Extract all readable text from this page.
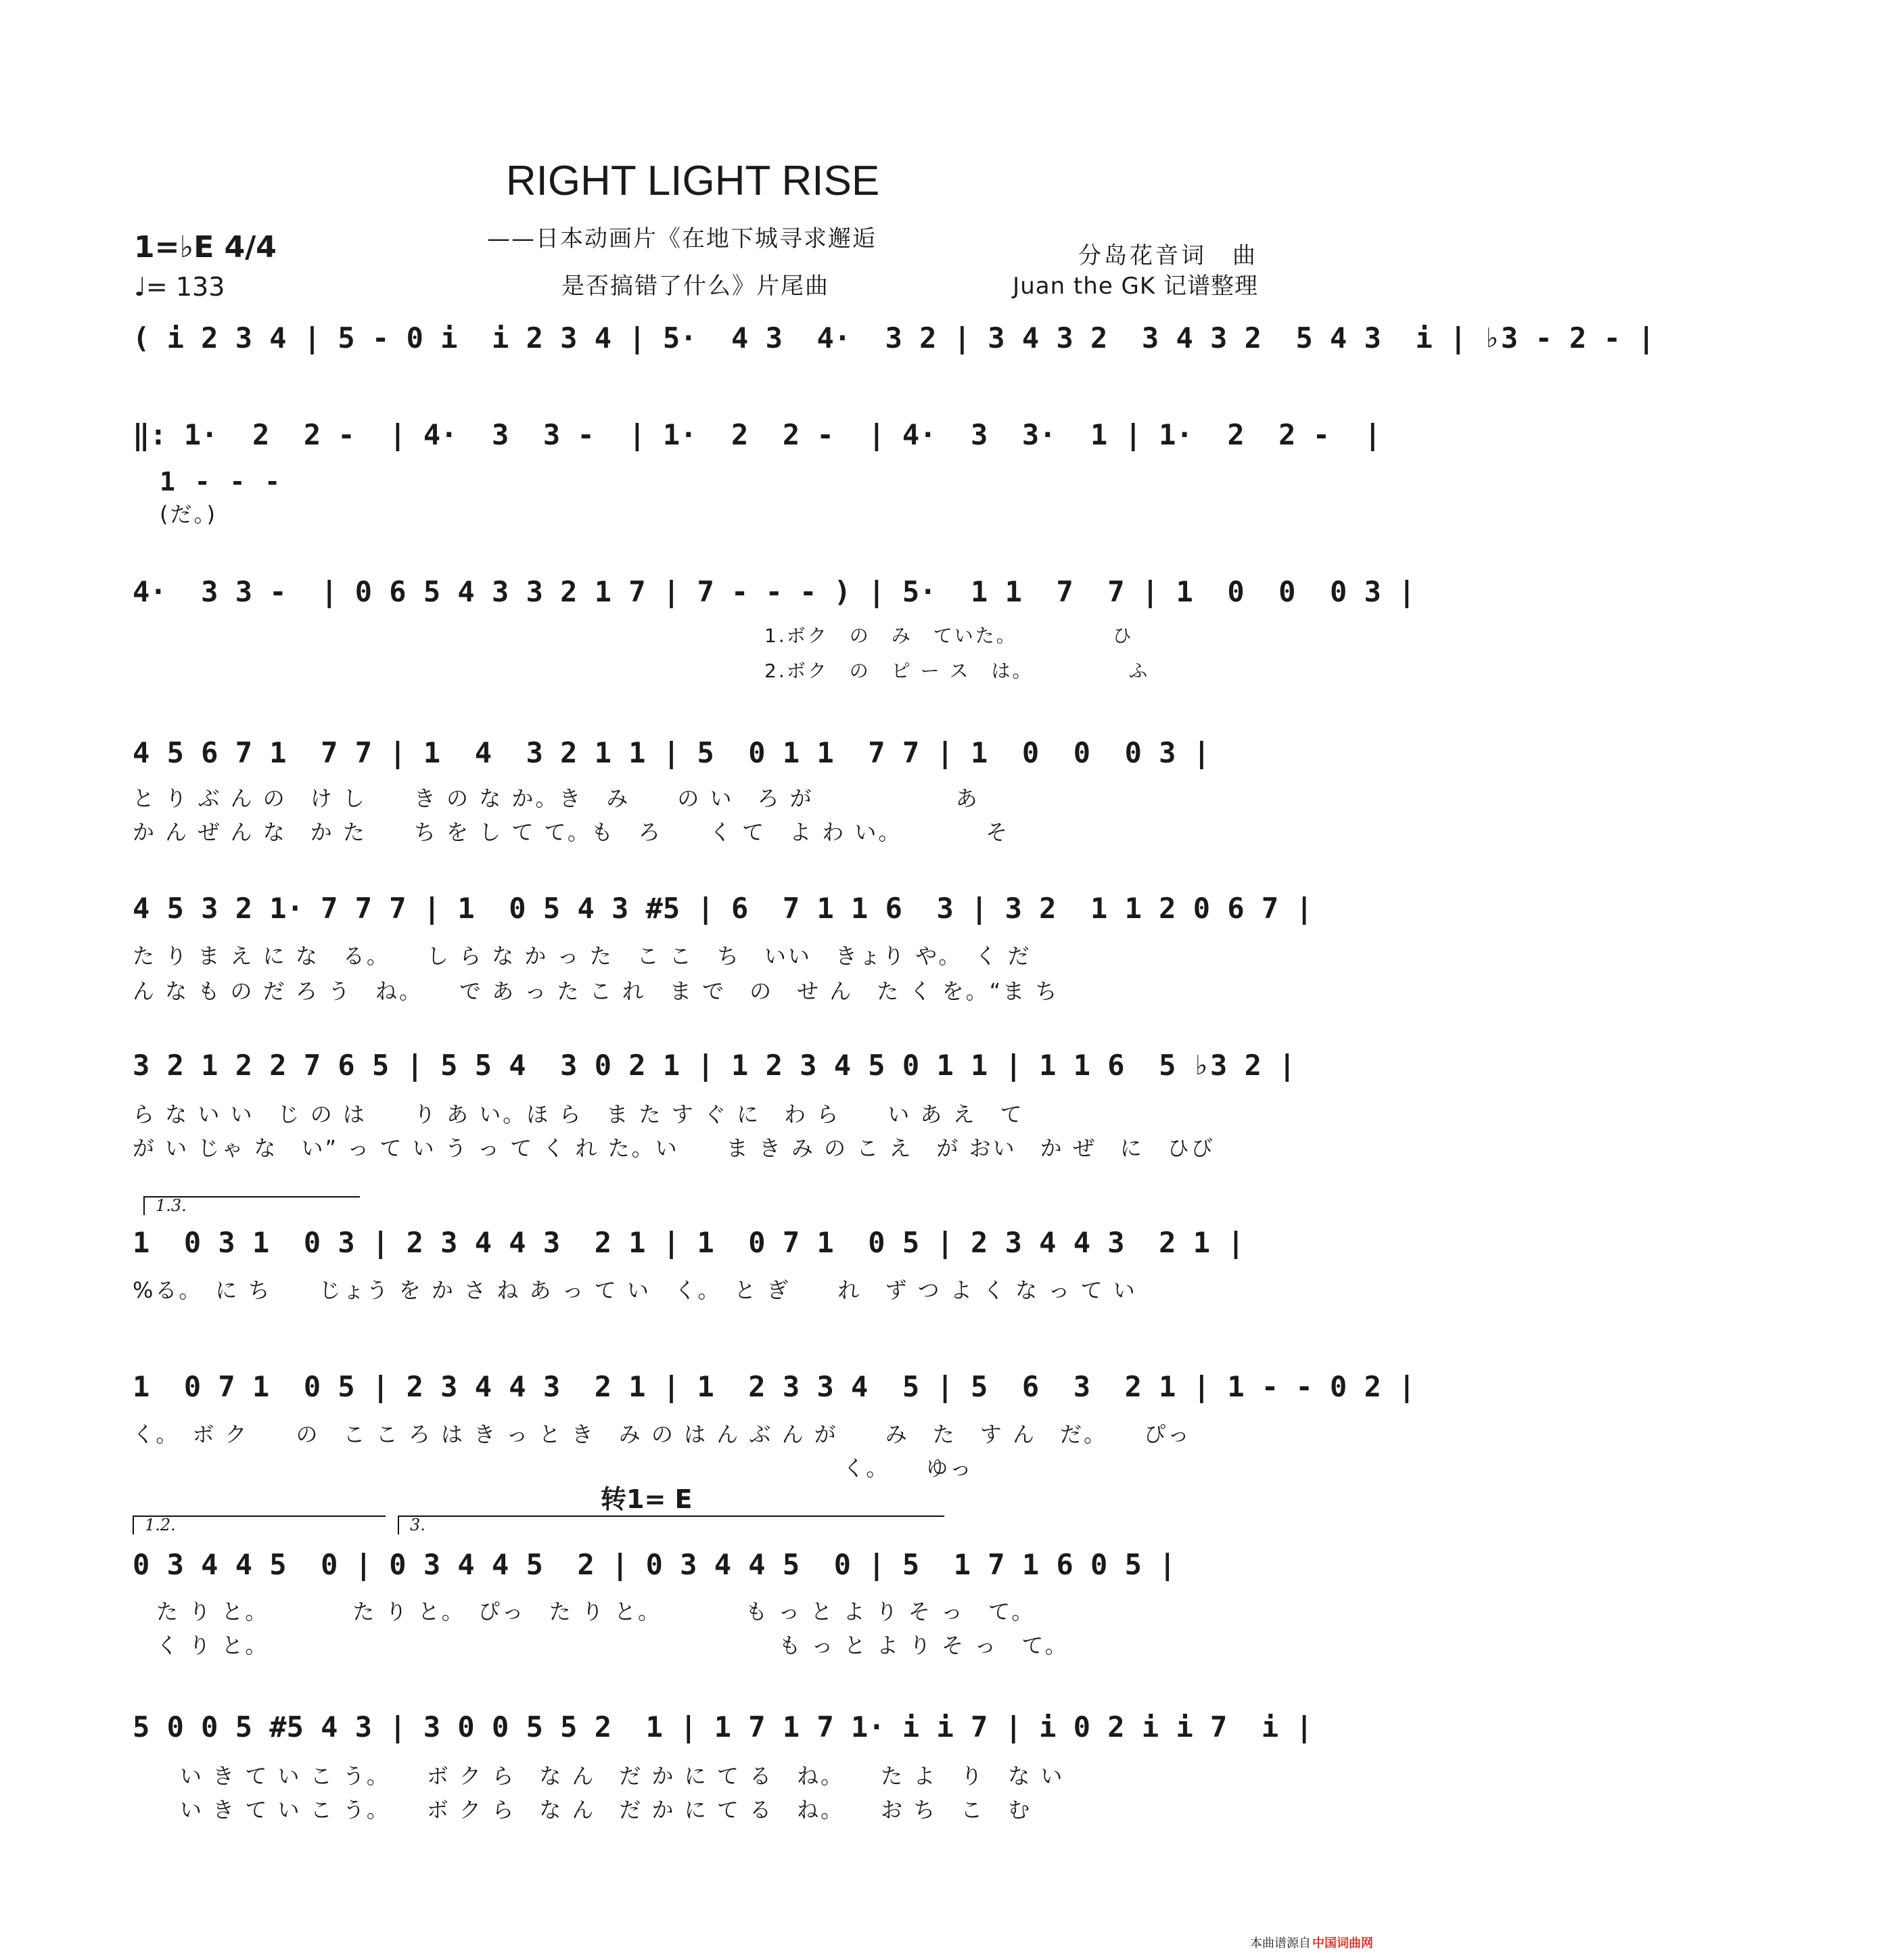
RIGHT LIGHT RISE
——日本动画片《在地下城寻求邂逅
是否搞错了什么》片尾曲
分岛花音词　曲
Juan the GK 记谱整理
1=♭E 4/4
♩= 133
( i 2 3 4 | 5 - 0 i  i 2 3 4 | 5·  4 3  4·  3 2 | 3 4 3 2  3 4 3 2  5 4 3  i | ♭3 - 2 - |
‖: 1·  2  2 -  | 4·  3  3 -  | 1·  2  2 -  | 4·  3  3·  1 | 1·  2  2 -  |
1 - - -
(だ。)
4·  3 3 -  | 0 6 5 4 3 3 2 1 7 | 7 - - - ) | 5·  1 1  7  7 | 1  0  0  0 3 |
1.ボク　の　み　ていた。　　　　　ひ
2.ボク　の　ピ ー ス　は。　　　　　ふ
4 5 6 7 1  7 7 | 1  4  3 2 1 1 | 5  0 1 1  7 7 | 1  0  0  0 3 |
と り ぶ ん の　け し　　き の な か。き　み　　の い　ろ が　　　　　　あ
か ん ぜ ん な　か た　　ち を し て て。も　ろ　　く て　よ わ い。　　　　そ
4 5 3 2 1· 7 7 7 | 1  0 5 4 3 #5 | 6  7 1 1 6  3 | 3 2  1 1 2 0 6 7 |
た り ま え に な　る。　　し ら な か っ た　こ こ　ち　いい　きょり や。　く だ
ん な も の だ ろ う　ね。　　で あ っ た こ れ　ま で　の　せ ん　た く を。“ま ち
3 2 1 2 2 7 6 5 | 5 5 4  3 0 2 1 | 1 2 3 4 5 0 1 1 | 1 1 6  5 ♭3 2 |
ら な い い　じ の は　　り あ い。ほ ら　ま た す ぐ に　わ ら　　い あ え　て
が い じゃ な　い” っ て い う っ て く れ た。い　　ま き み の こ え　が おい　か ぜ　に　ひび
1.3.
1  0 3 1  0 3 | 2 3 4 4 3  2 1 | 1  0 7 1  0 5 | 2 3 4 4 3  2 1 |
%る。　に ち　　じょう を か さ ね あ っ て い　く。　と ぎ　　れ　ず つ よ く な っ て い
1  0 7 1  0 5 | 2 3 4 4 3  2 1 | 1  2 3 3 4  5 | 5  6  3  2 1 | 1 - - 0 2 |
く。　ボ ク　　の　こ こ ろ は き っ と き　み の は ん ぶ ん が　　み　た　す ん　だ。　　ぴっ
　　　　　　　　　　　　　　　　　　　　　　　　　　　　　　く。　　ゆっ
转1= E
1.2.	3.
0 3 4 4 5  0 | 0 3 4 4 5  2 | 0 3 4 4 5  0 | 5  1 7 1 6 0 5 |
　た り と。　　　　た り と。　ぴっ　た り と。　　　　も っ と よ り そ っ　て。
　く り と。　　　　　　　　　　　　　　　　　　　　　　も っ と よ り そ っ　て。
5 0 0 5 #5 4 3 | 3 0 0 5 5 2  1 | 1 7 1 7 1· i i 7 | i 0 2 i i 7  i |
　　い き て い こ う。　　ボ ク ら　な ん　だ か に て る　ね。　　た よ　り　な い
　　い き て い こ う。　　ボ ク ら　な ん　だ か に て る　ね。　　お ち　こ　む
本曲谱源自 中国词曲网
